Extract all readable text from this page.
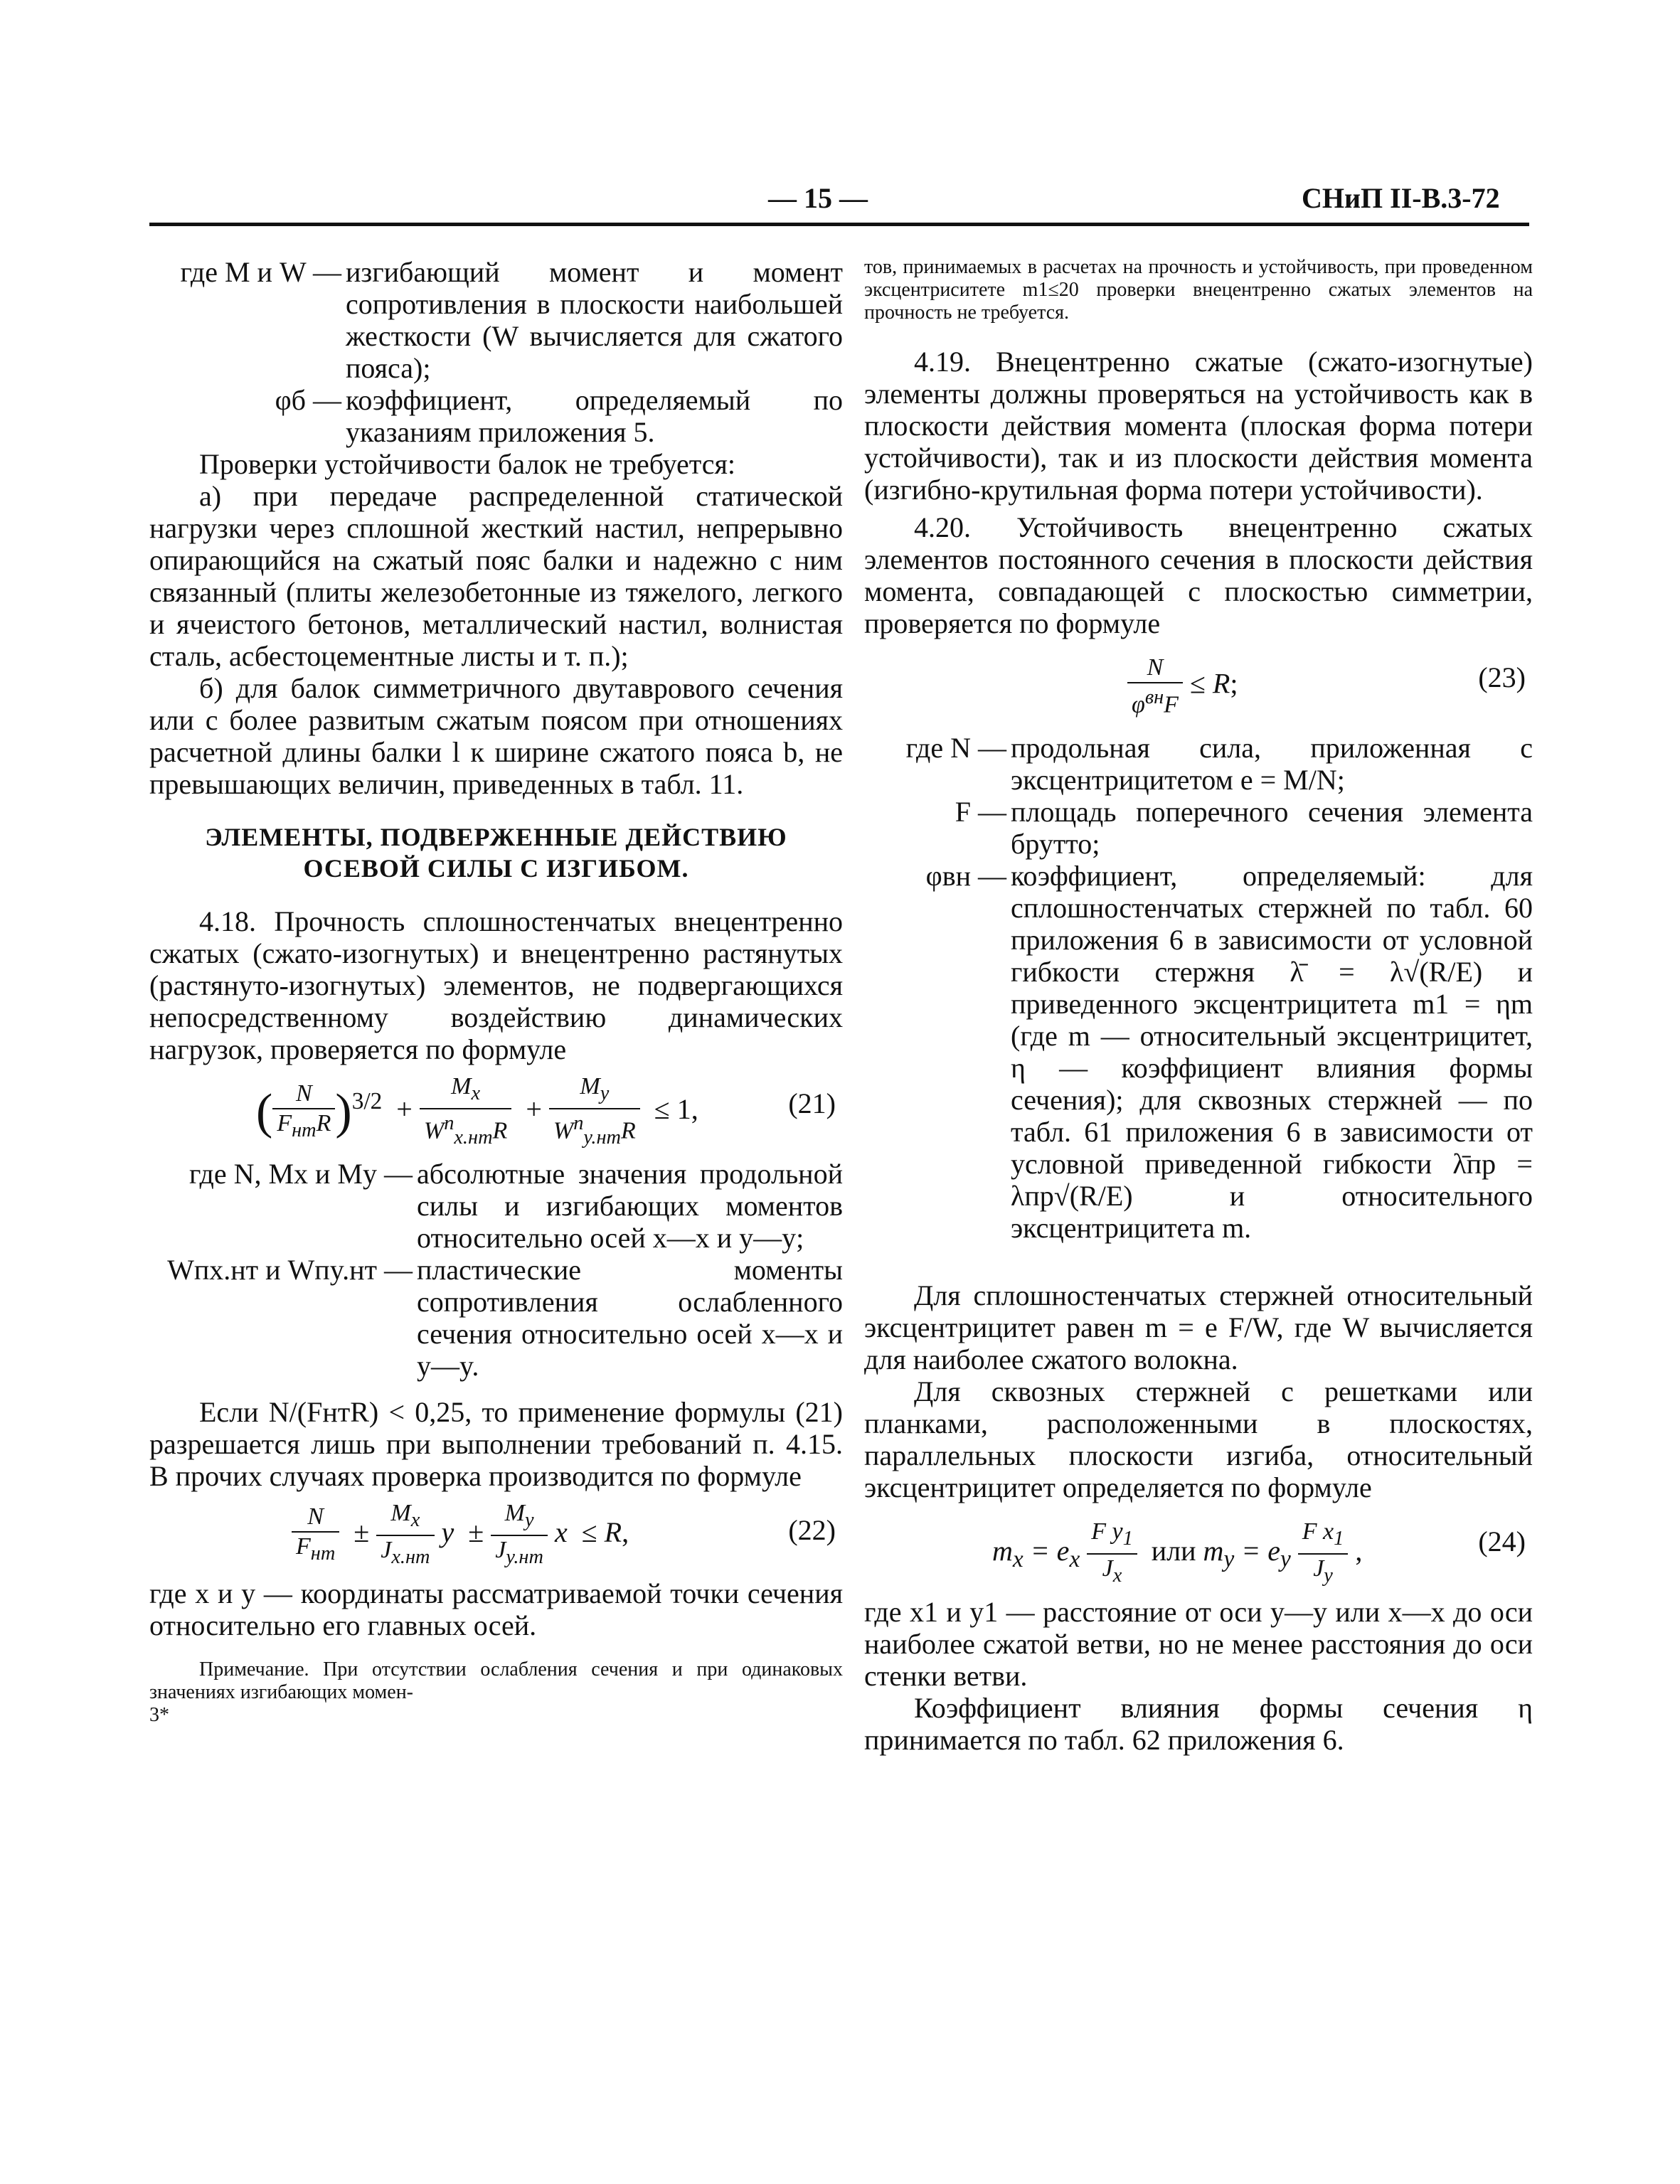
— 15 —	СНиП II-В.3-72
где M и W — изгибающий момент и момент сопротивления в плоскости наибольшей жесткости (W вычисляется для сжатого пояса);
φб — коэффициент, определяемый по указаниям приложения 5.

Проверки устойчивости балок не требуется:

а) при передаче распределенной статической нагрузки через сплошной жесткий настил, непрерывно опирающийся на сжатый пояс балки и надежно с ним связанный (плиты железобетонные из тяжелого, легкого и ячеистого бетонов, металлический настил, волнистая сталь, асбестоцементные листы и т. п.);

б) для балок симметричного двутаврового сечения или с более развитым сжатым поясом при отношениях расчетной длины балки l к ширине сжатого пояса b, не превышающих величин, приведенных в табл. 11.

ЭЛЕМЕНТЫ, ПОДВЕРЖЕННЫЕ ДЕЙСТВИЮ ОСЕВОЙ СИЛЫ С ИЗГИБОМ.

4.18. Прочность сплошностенчатых внецентренно сжатых (сжато-изогнутых) и внецентренно растянутых (растянуто-изогнутых) элементов, не подвергающихся непосредственному воздействию динамических нагрузок, проверяется по формуле

( $\frac{N}{F_{нт}R} )^{3/2} + \frac{M_x}{W^п_{x.нт}R} + \frac{M_y}{W^п_{y.нт}R} \le 1$,	(21)
где N, Mx и My — абсолютные значения продольной силы и изгибающих моментов относительно осей x—x и y—y;
Wпx.нт и Wпy.нт — пластические моменты сопротивления ослабленного сечения относительно осей x—x и y—y.

Если N/(FнтR) < 0,25, то применение формулы (21) разрешается лишь при выполнении требований п. 4.15. В прочих случаях проверка производится по формуле

$\frac{N}{F_{нт}} \pm \frac{M_x}{J_{x.нт}}$ $y \pm \frac{M_y}{J_{y.нт}}$ x  ≤ R,	(22)

где x и y — координаты рассматриваемой точки сечения относительно его главных осей.

Примечание. При отсутствии ослабления сечения и при одинаковых значениях изгибающих момен-

3*

тов, принимаемых в расчетах на прочность и устойчивость, при проведенном эксцентриситете m1≤20 проверки внецентренно сжатых элементов на прочность не требуется.

4.19. Внецентренно сжатые (сжато-изогнутые) элементы должны проверяться на устойчивость как в плоскости действия момента (плоская форма потери устойчивости), так и из плоскости действия момента (изгибно-крутильная форма потери устойчивости).

4.20. Устойчивость внецентренно сжатых элементов постоянного сечения в плоскости действия момента, совпадающей с плоскостью симметрии, проверяется по формуле

$\frac{N}{\varphi^{вн}F} \le R$;	(23)
где N — продольная сила, приложенная с эксцентрицитетом e = M/N;
F — площадь поперечного сечения элемента брутто;
φвн — коэффициент, определяемый: для сплошностенчатых стержней по табл. 60 приложения 6 в зависимости от условной гибкости стержня λ̄ = λ√(R/E) и приведенного эксцентрицитета m1 = ηm (где m — относительный эксцентрицитет, η — коэффициент влияния формы сечения); для сквозных стержней — по табл. 61 приложения 6 в зависимости от условной приведенной гибкости λ̄пр = λпр√(R/E) и относительного эксцентрицитета m.

Для сплошностенчатых стержней относительный эксцентрицитет равен m = e F/W, где W вычисляется для наиболее сжатого волокна.

Для сквозных стержней с решетками или планками, расположенными в плоскостях, параллельных плоскости изгиба, относительный эксцентрицитет определяется по формуле

$m_x = e_x \frac{F y_1}{J_x}$ или $m_y = e_y \frac{F x_1}{J_y}$ ,	(24)

где x1 и y1 — расстояние от оси y—y или x—x до оси наиболее сжатой ветви, но не менее расстояния до оси стенки ветви.

Коэффициент влияния формы сечения η принимается по табл. 62 приложения 6.
